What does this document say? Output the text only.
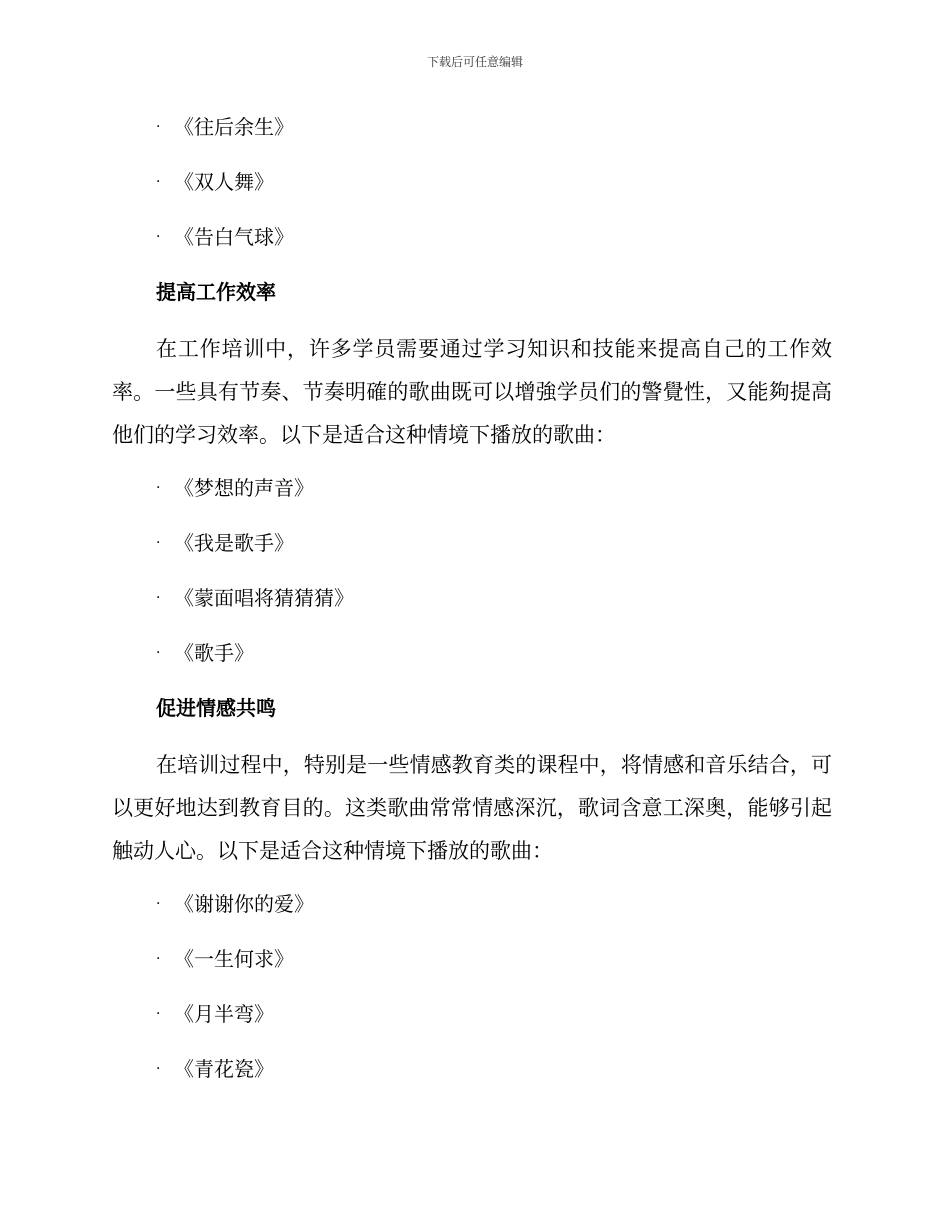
下载后可任意编辑
· 《往后余生》
· 《双人舞》
· 《告白气球》
提高工作效率

在工作培训中，许多学员需要通过学习知识和技能来提高自己的工作效率。一些具有节奏、节奏明確的歌曲既可以增強学员们的警覺性，又能夠提高他们的学习效率。以下是适合这种情境下播放的歌曲：

· 《梦想的声音》
· 《我是歌手》
· 《蒙面唱将猜猜猜》
· 《歌手》
促进情感共鸣

在培训过程中，特别是一些情感教育类的课程中，将情感和音乐结合，可以更好地达到教育目的。这类歌曲常常情感深沉，歌词含意工深奥，能够引起触动人心。以下是适合这种情境下播放的歌曲：

· 《谢谢你的爱》
· 《一生何求》
· 《月半弯》
· 《青花瓷》
